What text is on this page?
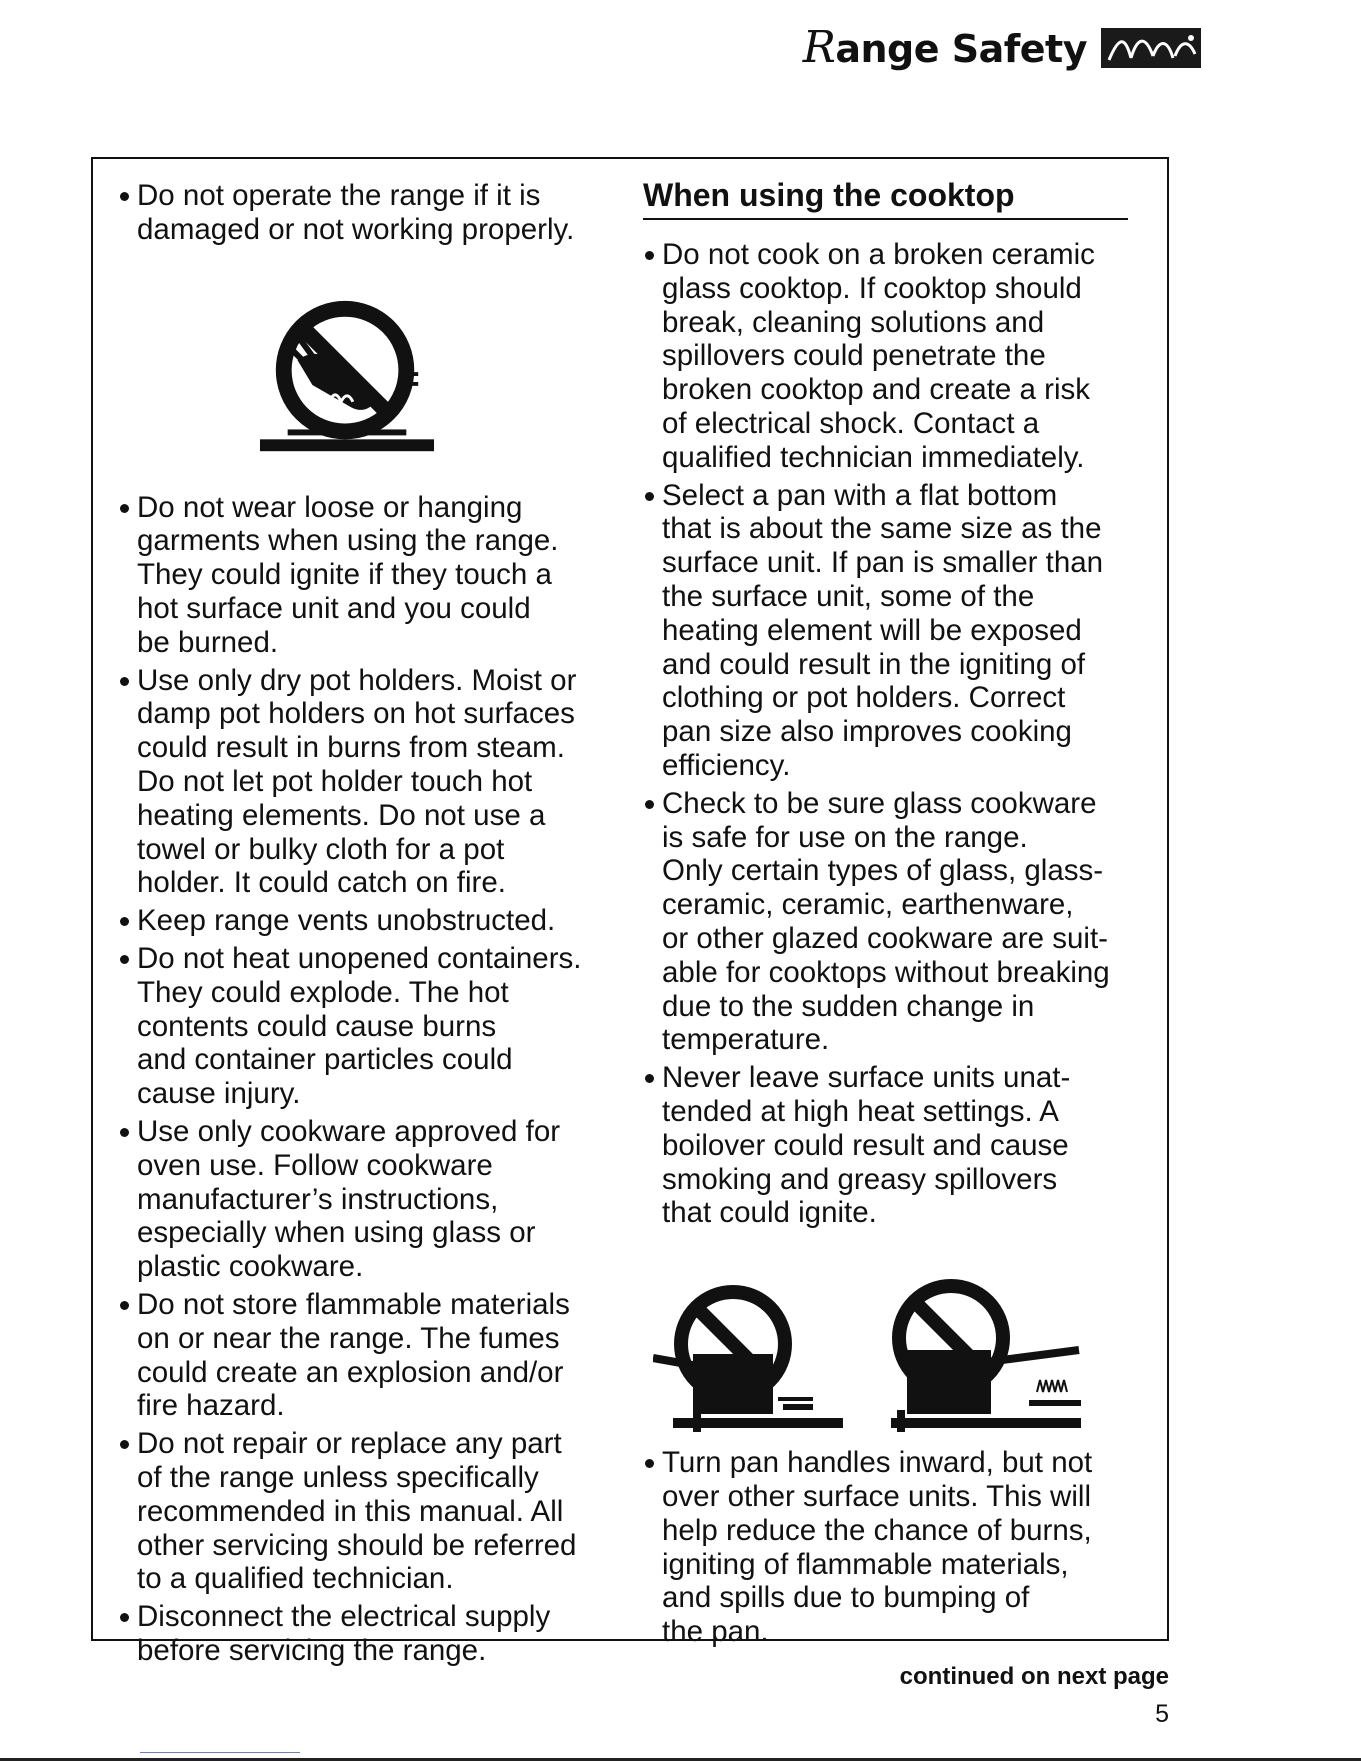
Range Safety
Do not operate the range if it is
damaged or not working properly.
Do not wear loose or hanging
garments when using the range.
They could ignite if they touch a
hot surface unit and you could
be burned.
Use only dry pot holders. Moist or
damp pot holders on hot surfaces
could result in burns from steam.
Do not let pot holder touch hot
heating elements. Do not use a
towel or bulky cloth for a pot
holder. It could catch on fire.
Keep range vents unobstructed.
Do not heat unopened containers.
They could explode. The hot
contents could cause burns
and container particles could
cause injury.
Use only cookware approved for
oven use. Follow cookware
manufacturer’s instructions,
especially when using glass or
plastic cookware.
Do not store flammable materials
on or near the range. The fumes
could create an explosion and/or
fire hazard.
Do not repair or replace any part
of the range unless specifically
recommended in this manual. All
other servicing should be referred
to a qualified technician.
Disconnect the electrical supply
before servicing the range.
When using the cooktop
Do not cook on a broken ceramic
glass cooktop. If cooktop should
break, cleaning solutions and
spillovers could penetrate the
broken cooktop and create a risk
of electrical shock. Contact a
qualified technician immediately.
Select a pan with a flat bottom
that is about the same size as the
surface unit. If pan is smaller than
the surface unit, some of the
heating element will be exposed
and could result in the igniting of
clothing or pot holders. Correct
pan size also improves cooking
efficiency.
Check to be sure glass cookware
is safe for use on the range.
Only certain types of glass, glass-
ceramic, ceramic, earthenware,
or other glazed cookware are suit-
able for cooktops without breaking
due to the sudden change in
temperature.
Never leave surface units unat-
tended at high heat settings. A
boilover could result and cause
smoking and greasy spillovers
that could ignite.
Turn pan handles inward, but not
over other surface units. This will
help reduce the chance of burns,
igniting of flammable materials,
and spills due to bumping of
the pan.
continued on next page
5
